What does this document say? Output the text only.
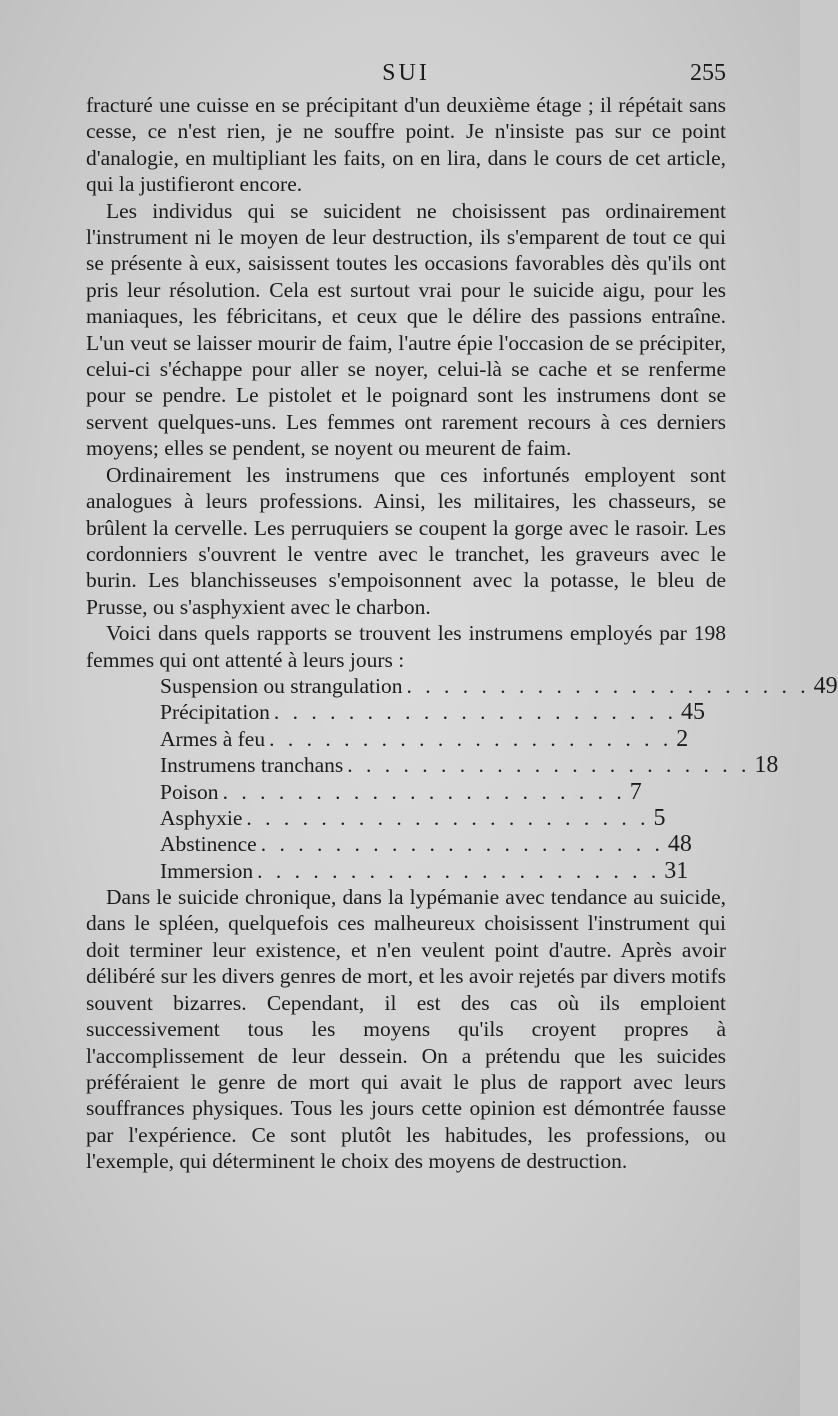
SUI	255

fracturé une cuisse en se précipitant d'un deuxième étage ; il répétait sans cesse, ce n'est rien, je ne souffre point. Je n'insiste pas sur ce point d'analogie, en multipliant les faits, on en lira, dans le cours de cet article, qui la justifieront encore.

Les individus qui se suicident ne choisissent pas ordinairement l'instrument ni le moyen de leur destruction, ils s'emparent de tout ce qui se présente à eux, saisissent toutes les occasions favorables dès qu'ils ont pris leur résolution. Cela est surtout vrai pour le suicide aigu, pour les maniaques, les fébricitans, et ceux que le délire des passions entraîne. L'un veut se laisser mourir de faim, l'autre épie l'occasion de se précipiter, celui-ci s'échappe pour aller se noyer, celui-là se cache et se renferme pour se pendre. Le pistolet et le poignard sont les instrumens dont se servent quelques-uns. Les femmes ont rarement recours à ces derniers moyens; elles se pendent, se noyent ou meurent de faim.

Ordinairement les instrumens que ces infortunés employent sont analogues à leurs professions. Ainsi, les militaires, les chasseurs, se brûlent la cervelle. Les perruquiers se coupent la gorge avec le rasoir. Les cordonniers s'ouvrent le ventre avec le tranchet, les graveurs avec le burin. Les blanchisseuses s'empoisonnent avec la potasse, le bleu de Prusse, ou s'asphyxient avec le charbon.

Voici dans quels rapports se trouvent les instrumens employés par 198 femmes qui ont attenté à leurs jours :

Suspension ou strangulation . . . . . . . . . . . . . . . . . . . . . . 49
Précipitation . . . . . . . . . . . . . . . . . . . . . . 45
Armes à feu . . . . . . . . . . . . . . . . . . . . . . 2
Instrumens tranchans . . . . . . . . . . . . . . . . . . . . . . 18
Poison . . . . . . . . . . . . . . . . . . . . . . 7
Asphyxie . . . . . . . . . . . . . . . . . . . . . . 5
Abstinence . . . . . . . . . . . . . . . . . . . . . . 48
Immersion . . . . . . . . . . . . . . . . . . . . . . 31

Dans le suicide chronique, dans la lypémanie avec tendance au suicide, dans le spléen, quelquefois ces malheureux choisissent l'instrument qui doit terminer leur existence, et n'en veulent point d'autre. Après avoir délibéré sur les divers genres de mort, et les avoir rejetés par divers motifs souvent bizarres. Cependant, il est des cas où ils emploient successivement tous les moyens qu'ils croyent propres à l'accomplissement de leur dessein. On a prétendu que les suicides préféraient le genre de mort qui avait le plus de rapport avec leurs souffrances physiques. Tous les jours cette opinion est démontrée fausse par l'expérience. Ce sont plutôt les habitudes, les professions, ou l'exemple, qui déterminent le choix des moyens de destruction.
